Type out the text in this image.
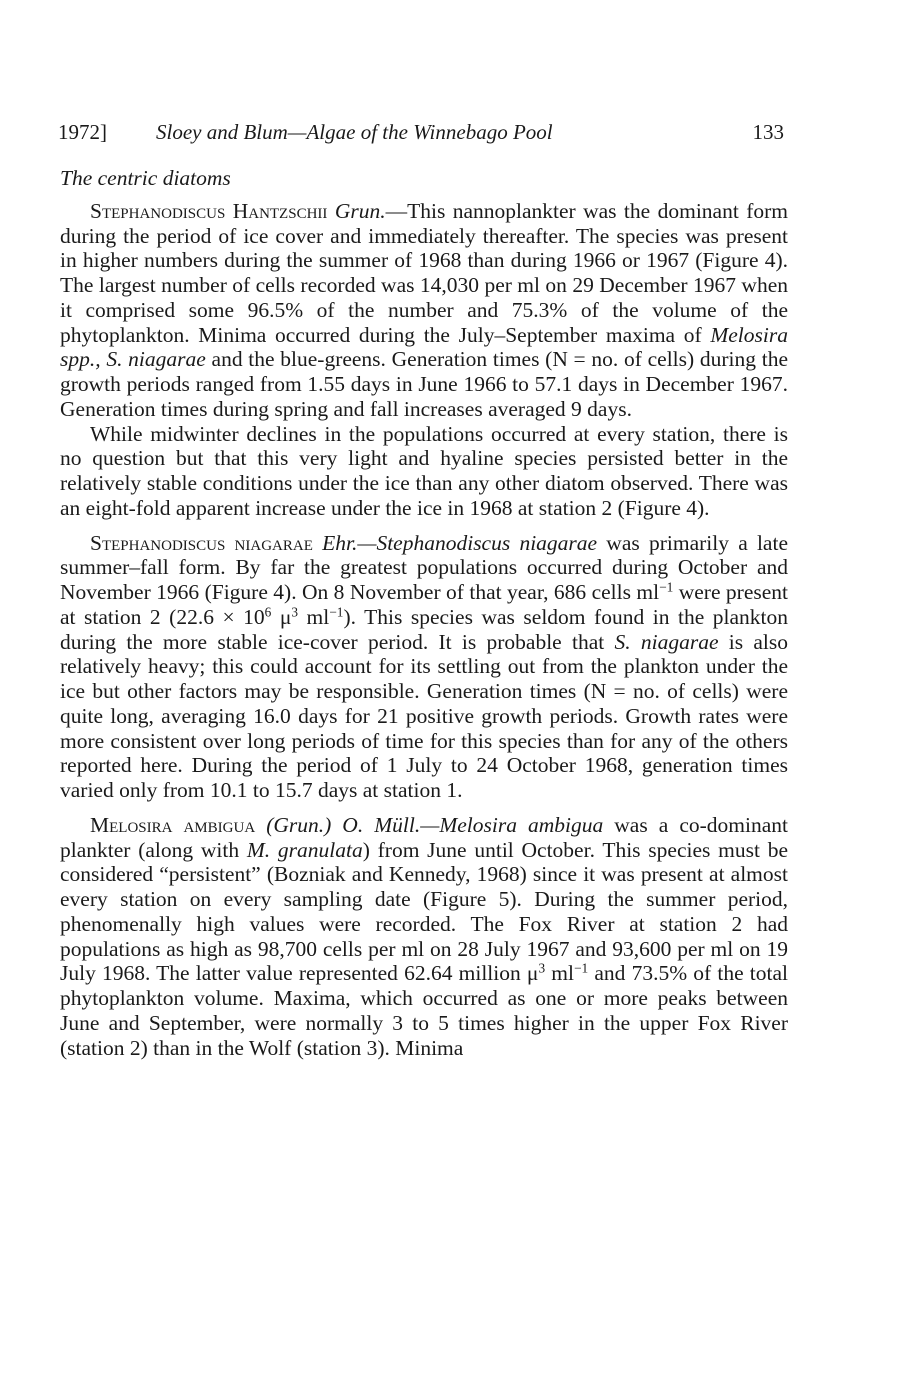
1972] Sloey and Blum—Algae of the Winnebago Pool	133
The centric diatoms

Stephanodiscus Hantzschii Grun.—This nannoplankter was the dominant form during the period of ice cover and immediately thereafter. The species was present in higher numbers during the summer of 1968 than during 1966 or 1967 (Figure 4). The largest number of cells recorded was 14,030 per ml on 29 December 1967 when it comprised some 96.5% of the number and 75.3% of the volume of the phytoplankton. Minima occurred during the July–September maxima of Melosira spp., S. niagarae and the blue-greens. Generation times (N = no. of cells) during the growth periods ranged from 1.55 days in June 1966 to 57.1 days in December 1967. Generation times during spring and fall increases averaged 9 days.

While midwinter declines in the populations occurred at every station, there is no question but that this very light and hyaline species persisted better in the relatively stable conditions under the ice than any other diatom observed. There was an eight-fold apparent increase under the ice in 1968 at station 2 (Figure 4).

Stephanodiscus niagarae Ehr.—Stephanodiscus niagarae was primarily a late summer–fall form. By far the greatest populations occurred during October and November 1966 (Figure 4). On 8 November of that year, 686 cells $ml^{-1}$ were present at station 2 ($22.6 \times 10^6$ $\mu^3$ $ml^{-1}$). This species was seldom found in the plankton during the more stable ice-cover period. It is probable that S. niagarae is also relatively heavy; this could account for its settling out from the plankton under the ice but other factors may be responsible. Generation times (N = no. of cells) were quite long, averaging 16.0 days for 21 positive growth periods. Growth rates were more consistent over long periods of time for this species than for any of the others reported here. During the period of 1 July to 24 October 1968, generation times varied only from 10.1 to 15.7 days at station 1.

Melosira ambigua (Grun.) O. Müll.—Melosira ambigua was a co-dominant plankter (along with M. granulata) from June until October. This species must be considered “persistent” (Bozniak and Kennedy, 1968) since it was present at almost every station on every sampling date (Figure 5). During the summer period, phenomenally high values were recorded. The Fox River at station 2 had populations as high as 98,700 cells per ml on 28 July 1967 and 93,600 per ml on 19 July 1968. The latter value represented 62.64 million $\mu^3$ $ml^{-1}$ and 73.5% of the total phytoplankton volume. Maxima, which occurred as one or more peaks between June and September, were normally 3 to 5 times higher in the upper Fox River (station 2) than in the Wolf (station 3). Minima
